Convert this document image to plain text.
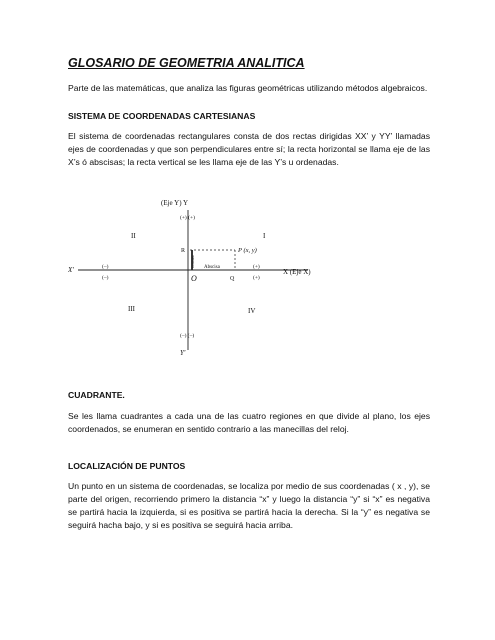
GLOSARIO DE GEOMETRIA ANALITICA
Parte de las matemáticas, que analiza las figuras geométricas utilizando métodos algebraicos.
SISTEMA DE COORDENADAS CARTESIANAS
El sistema de coordenadas rectangulares consta de dos rectas dirigidas XX’ y YY’ llamadas ejes de coordenadas y que son perpendiculares entre sí; la recta horizontal se llama eje de las X’s ó abscisas; la recta vertical se les llama eje de las Y’s u ordenadas.
(Eje Y) Y
(+) (+)
II	I
R	P (x, y)
Ordenada Abscisa
X'	(–)
(–)
(+)
(+)
X (Eje X)
O	Q
III	IV
(–) (–)
Y'
CUADRANTE.
Se les llama cuadrantes a cada una de las cuatro regiones en que divide al plano, los ejes coordenados, se enumeran en sentido contrario a las manecillas del reloj.
LOCALIZACIÓN DE PUNTOS
Un punto en un sistema de coordenadas, se localiza por medio de sus coordenadas ( x , y), se parte del origen, recorriendo primero la distancia “x” y luego la distancia “y” si “x” es negativa se partirá hacia la izquierda, si es positiva se partirá hacia la derecha. Si la “y” es negativa se seguirá hacha bajo, y si es positiva se seguirá hacia arriba.
